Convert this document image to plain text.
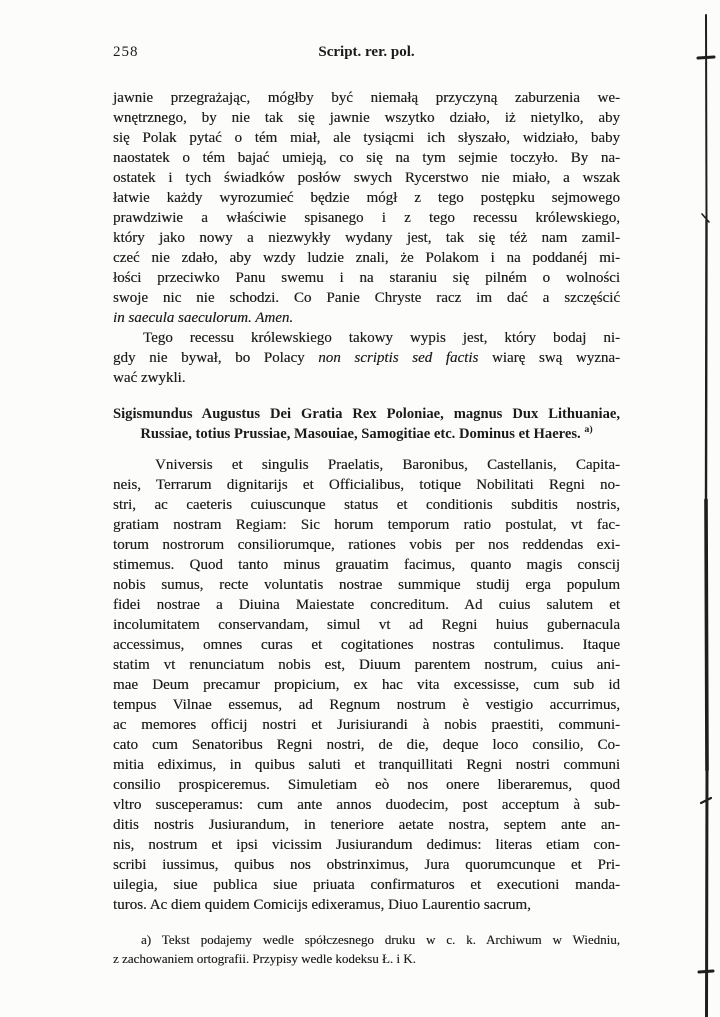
258	Script. rer. pol.
jawnie przegrażając, mógłby być niemałą przyczyną zaburzenia we-
wnętrznego, by nie tak się jawnie wszytko działo, iż nietylko, aby
się Polak pytać o tém miał, ale tysiącmi ich słyszało, widziało, baby
naostatek o tém bajać umieją, co się na tym sejmie toczyło. By na-
ostatek i tych świadków posłów swych Rycerstwo nie miało, a wszak
łatwie każdy wyrozumieć będzie mógł z tego postępku sejmowego
prawdziwie a właściwie spisanego i z tego recessu królewskiego,
który jako nowy a niezwykły wydany jest, tak się téż nam zamil-
czeć nie zdało, aby wzdy ludzie znali, że Polakom i na poddanéj mi-
łości przeciwko Panu swemu i na staraniu się pilném o wolności
swoje nic nie schodzi. Co Panie Chryste racz im dać a szczęścić
in saecula saeculorum. Amen.
Tego recessu królewskiego takowy wypis jest, który bodaj ni-
gdy nie bywał, bo Polacy non scriptis sed factis wiarę swą wyzna-
wać zwykli.
Sigismundus Augustus Dei Gratia Rex Poloniae, magnus Dux Lithuaniae,
Russiae, totius Prussiae, Masouiae, Samogitiae etc. Dominus et Haeres. $^{a)}$
Vniversis et singulis Praelatis, Baronibus, Castellanis, Capita-
neis, Terrarum dignitarijs et Officialibus, totique Nobilitati Regni no-
stri, ac caeteris cuiuscunque status et conditionis subditis nostris,
gratiam nostram Regiam: Sic horum temporum ratio postulat, vt fac-
torum nostrorum consiliorumque, rationes vobis per nos reddendas exi-
stimemus. Quod tanto minus grauatim facimus, quanto magis conscij
nobis sumus, recte voluntatis nostrae summique studij erga populum
fidei nostrae a Diuina Maiestate concreditum. Ad cuius salutem et
incolumitatem conservandam, simul vt ad Regni huius gubernacula
accessimus, omnes curas et cogitationes nostras contulimus. Itaque
statim vt renunciatum nobis est, Diuum parentem nostrum, cuius ani-
mae Deum precamur propicium, ex hac vita excessisse, cum sub id
tempus Vilnae essemus, ad Regnum nostrum è vestigio accurrimus,
ac memores officij nostri et Jurisiurandi à nobis praestiti, communi-
cato cum Senatoribus Regni nostri, de die, deque loco consilio, Co-
mitia ediximus, in quibus saluti et tranquillitati Regni nostri communi
consilio prospiceremus. Simuletiam eò nos onere liberaremus, quod
vltro susceperamus: cum ante annos duodecim, post acceptum à sub-
ditis nostris Jusiurandum, in teneriore aetate nostra, septem ante an-
nis, nostrum et ipsi vicissim Jusiurandum dedimus: literas etiam con-
scribi iussimus, quibus nos obstrinximus, Jura quorumcunque et Pri-
uilegia, siue publica siue priuata confirmaturos et executioni manda-
turos. Ac diem quidem Comicijs edixeramus, Diuo Laurentio sacrum,
a) Tekst podajemy wedle spółczesnego druku w c. k. Archiwum w Wiedniu,
z zachowaniem ortografii. Przypisy wedle kodeksu Ł. i K.
